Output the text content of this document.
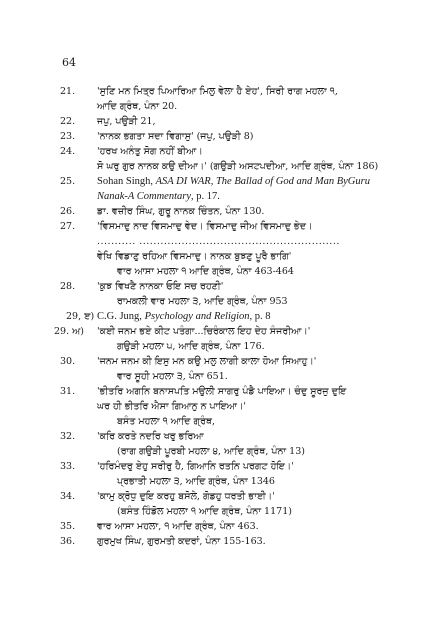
64
21.	'ਸੁਣਿ ਮਨ ਮਿਤ੍ਰ ਪਿਆਰਿਆ ਮਿਲੁ ਵੇਲਾ ਹੈ ਏਹ', ਸਿਰੀ ਰਾਗ ਮਹਲਾ ੧,
ਆਦਿ ਗ੍ਰੰਥ, ਪੰਨਾ 20.
22.	ਜਪੁ, ਪਉੜੀ 21,
23.	'ਨਾਨਕ ਭਗਤਾ ਸਦਾ ਵਿਗਾਸੁ' (ਜਪੁ, ਪਉੜੀ 8)
24.	'ਹਰਖ ਅਨੰਤੁ ਸੋਗ ਨਹੀਂ ਬੀਆ।
ਸੋ ਘਰੁ ਗੁਰ ਨਾਨਕ ਕਉ ਦੀਆ।' (ਗਉੜੀ ਅਸਟਪਦੀਆ, ਆਦਿ ਗ੍ਰੰਥ, ਪੰਨਾ 186)
25.	Sohan Singh, ASA DI WAR, The Ballad of God and Man ByGuru Nanak-A Commentary, p. 17.
26.	ਡਾ. ਵਜ਼ੀਰ ਸਿੰਘ, ਗੁਰੂ ਨਾਨਕ ਚਿੰਤਨ, ਪੰਨਾ 130.
27.	'ਵਿਸਮਾਦੁ ਨਾਦ ਵਿਸਮਾਦੁ ਵੇਦ। ਵਿਸਮਾਦੁ ਜੀਅ ਵਿਸਮਾਦੁ ਭੇਦ।
........... .........................................................
ਵੇਖਿ ਵਿਡਾਣੁ ਰਹਿਆ ਵਿਸਮਾਦੁ। ਨਾਨਕ ਬੁਝਣੁ ਪੂਰੈ ਭਾਗਿ'
ਵਾਰ ਆਸਾ ਮਹਲਾ ੧ ਆਦਿ ਗ੍ਰੰਥ, ਪੰਨਾ 463-464
28.	'ਕੁਝ ਵਿਖਣੈ ਨਾਨਕਾ ਓਇ ਸਚ ਰਹਣੀ'
ਰਾਮਕਲੀ ਵਾਰ ਮਹਲਾ ੩, ਆਦਿ ਗ੍ਰੰਥ, ਪੰਨਾ 953
29, ੲ) C.G. Jung, Psychology and Religion, p. 8
29. ਅ)	'ਕਈ ਜਨਮ ਭਏ ਕੀਟ ਪਤੰਗਾ...ਚਿਰੰਕਾਲ ਇਹ ਦੇਹ ਸੰਜਰੀਆ।'
ਗਉੜੀ ਮਹਲਾ ੫, ਆਦਿ ਗ੍ਰੰਥ, ਪੰਨਾ 176.
30.	'ਜਨਮ ਜਨਮ ਕੀ ਇਸੁ ਮਨ ਕਉ ਮਲੁ ਲਾਗੀ ਕਾਲਾ ਹੋਆ ਸਿਆਹੁ।'
ਵਾਰ ਸੂਹੀ ਮਹਲਾ ੩, ਪੰਨਾ 651.
31.	'ਭੀਤਰਿ ਅਗਨਿ ਬਨਾਸਪਤਿ ਮਉਲੀ ਸਾਗਰੁ ਪੰਡੈ ਪਾਇਆ। ਚੰਦੁ ਸੂਰਜੁ ਦੁਇ
ਘਰ ਹੀ ਭੀਤਰਿ ਐਸਾ ਗਿਆਨੁ ਨ ਪਾਇਆ।'
ਬਸੰਤ ਮਹਲਾ ੧ ਆਦਿ ਗ੍ਰੰਥ,
32.	'ਕਰਿ ਕਰਤੇ ਨਦਰਿ ਖਰੁ ਭਰਿਆ
(ਰਾਗ ਗਉੜੀ ਪੂਰਬੀ ਮਹਲਾ ੪, ਆਦਿ ਗ੍ਰੰਥ, ਪੰਨਾ 13)
33.	'ਹਰਿਮੰਦਰੁ ਏਹੁ ਸਰੀਰੁ ਹੈ, ਗਿਆਨਿ ਰਤਨਿ ਪਰਗਟ ਹੋਇ।'
ਪ੍ਰਭਾਤੀ ਮਹਲਾ ੩, ਆਦਿ ਗ੍ਰੰਥ, ਪੰਨਾ 1346
34.	'ਕਾਮੁ ਕ੍ਰੋਧੁ ਦੁਇ ਕਰਹੁ ਬਸੋਲੇ, ਗੋਡਹੁ ਧਰਤੀ ਭਾਈ।'
(ਬਸੰਤ ਹਿੰਡੋਲ ਮਹਲਾ ੧ ਆਦਿ ਗ੍ਰੰਥ, ਪੰਨਾ 1171)
35.	ਵਾਰ ਆਸਾ ਮਹਲਾ, ੧ ਆਦਿ ਗ੍ਰੰਥ, ਪੰਨਾ 463.
36.	ਗੁਰਮੁਖ ਸਿੰਘ, ਗੁਰਮਤੀ ਕਦਰਾਂ, ਪੰਨਾ 155-163.
